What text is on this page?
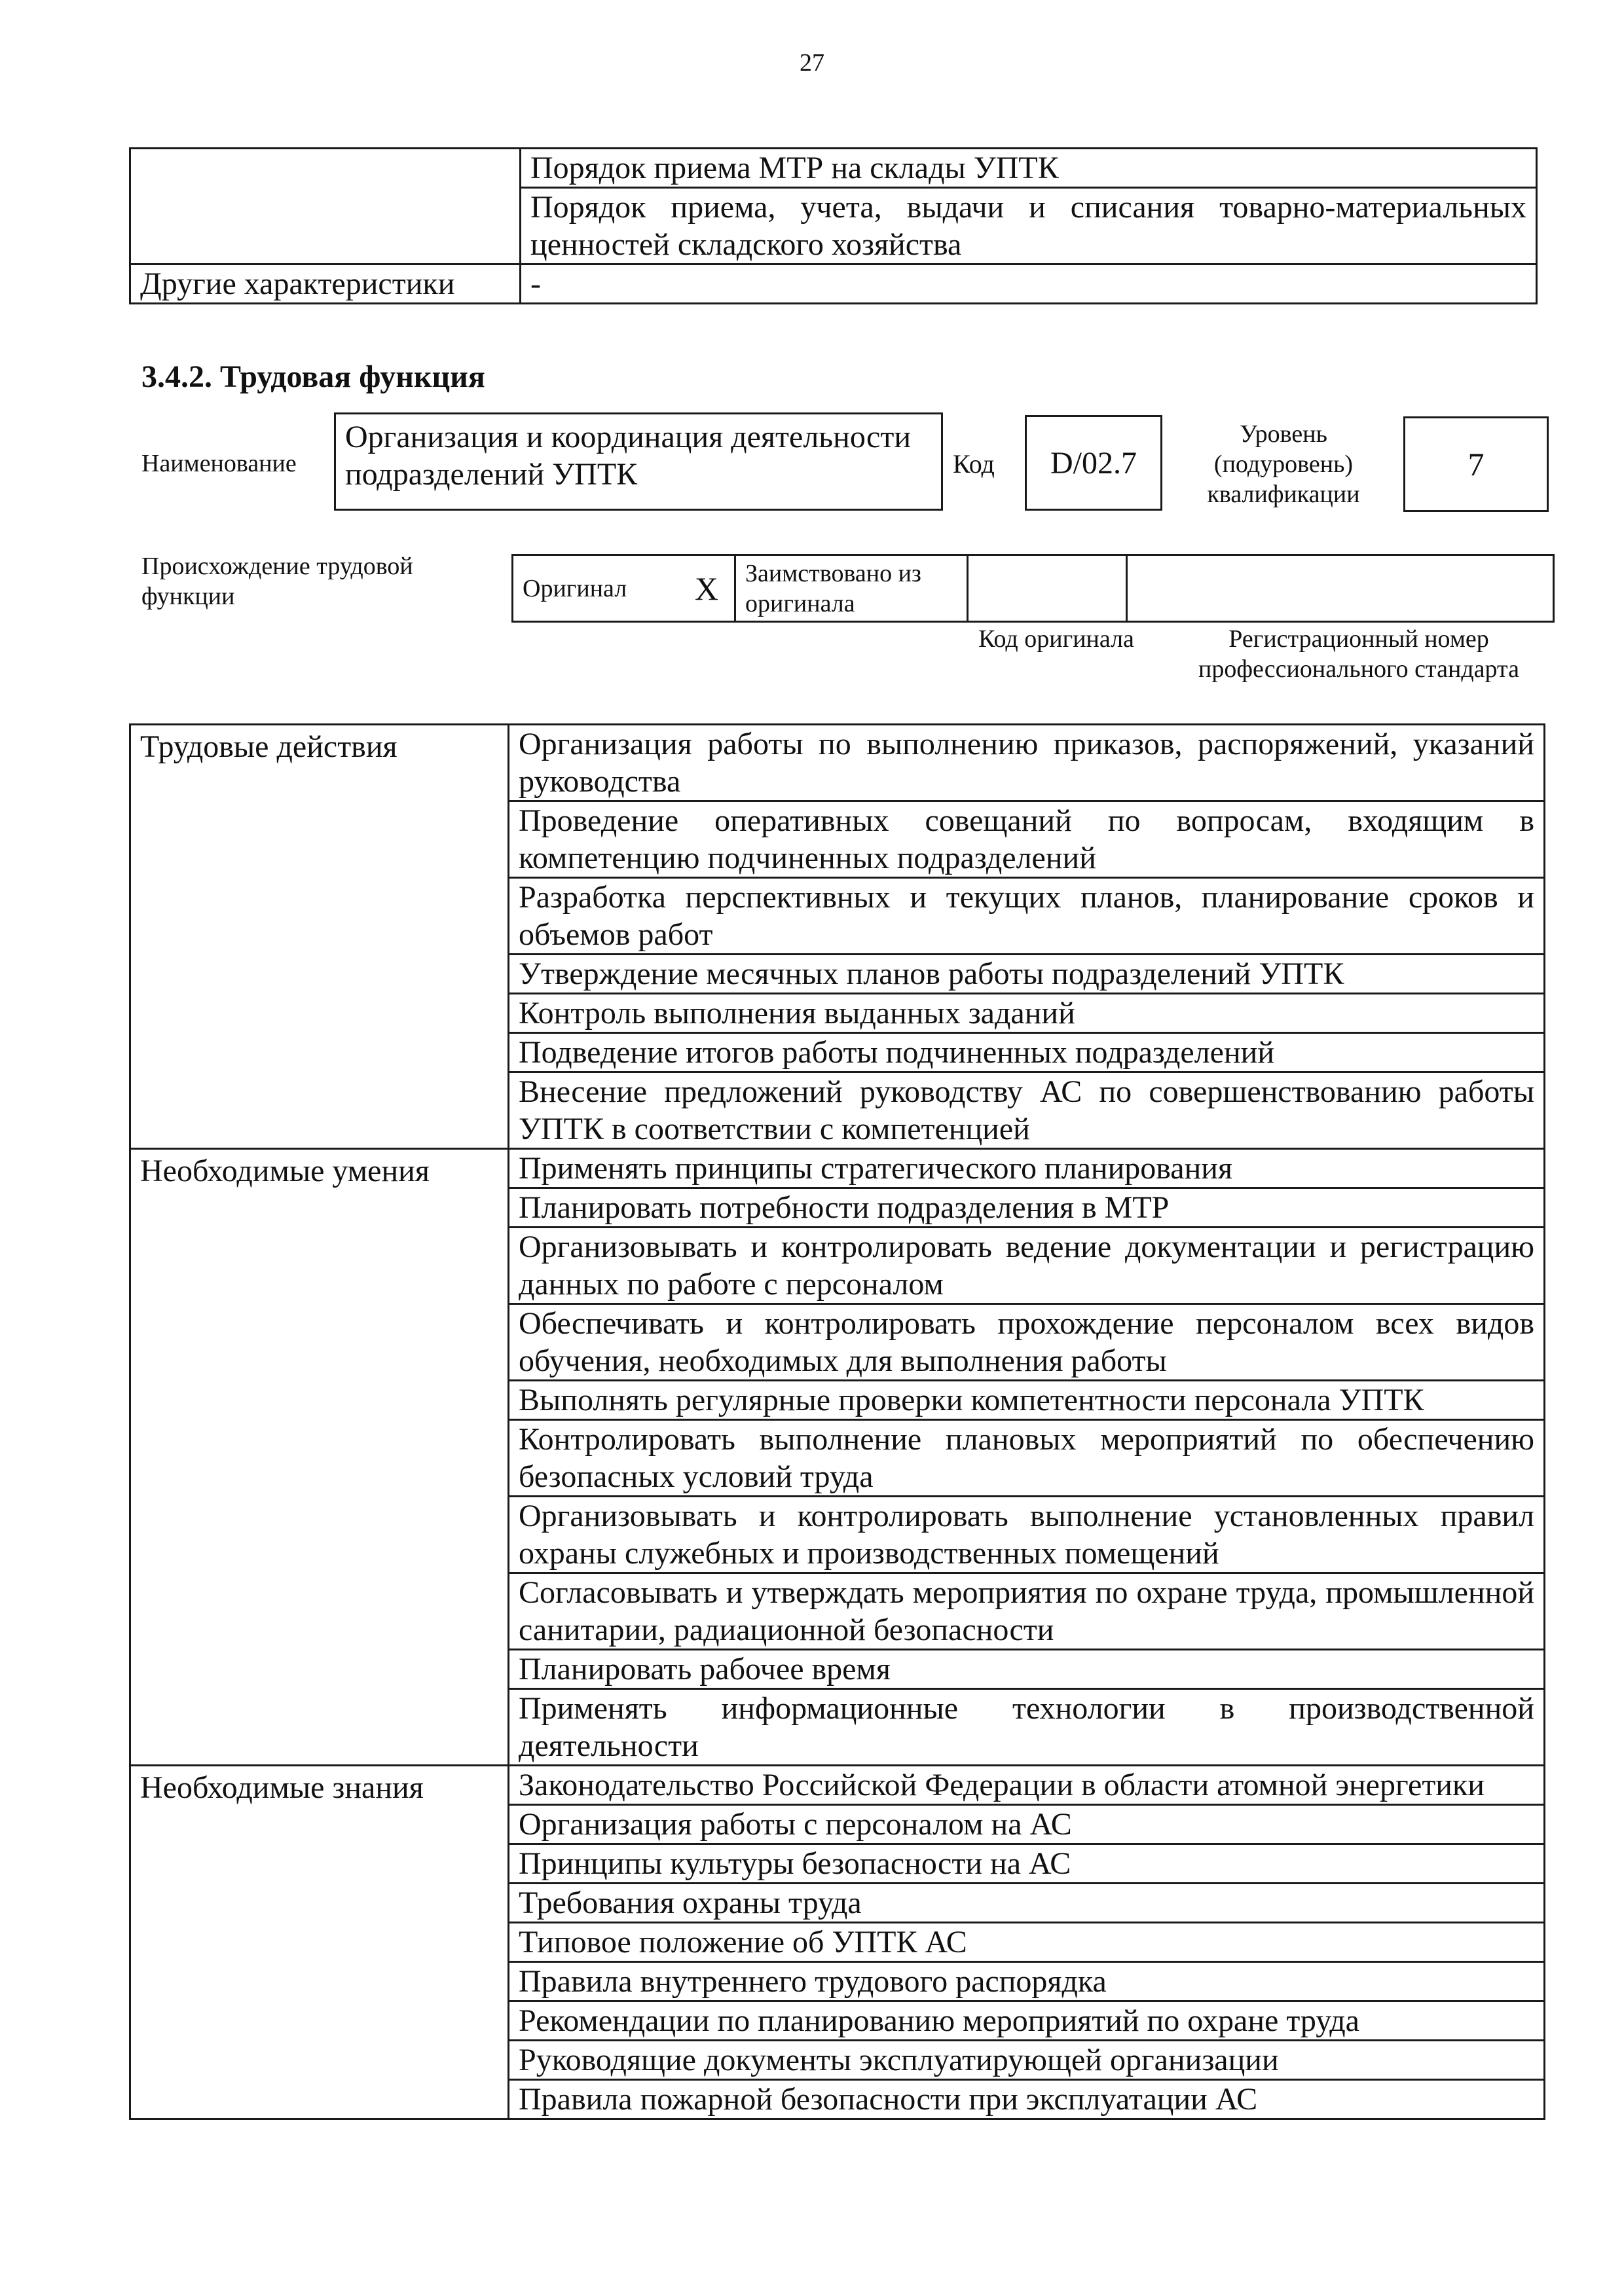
27
	Порядок приема МТР на склады УПТК
	Порядок приема, учета, выдачи и списания товарно-материальных ценностей складского хозяйства
Другие характеристики	-
3.4.2. Трудовая функция
Наименование
Организация и координация деятельности подразделений УПТК	Код D/02.7
Уровень (подуровень) квалификации
7
Происхождение трудовой функции	Оригинал X	Заимствовано из оригинала		
Код оригинала	Регистрационный номер профессионального стандарта
Трудовые действия	Организация работы по выполнению приказов, распоряжений, указаний руководства
	Проведение оперативных совещаний по вопросам, входящим в компетенцию подчиненных подразделений
	Разработка перспективных и текущих планов, планирование сроков и объемов работ
	Утверждение месячных планов работы подразделений УПТК
	Контроль выполнения выданных заданий
	Подведение итогов работы подчиненных подразделений
	Внесение предложений руководству АС по совершенствованию работы УПТК в соответствии с компетенцией
Необходимые умения	Применять принципы стратегического планирования
	Планировать потребности подразделения в МТР
	Организовывать и контролировать ведение документации и регистрацию данных по работе с персоналом
	Обеспечивать и контролировать прохождение персоналом всех видов обучения, необходимых для выполнения работы
	Выполнять регулярные проверки компетентности персонала УПТК
	Контролировать выполнение плановых мероприятий по обеспечению безопасных условий труда
	Организовывать и контролировать выполнение установленных правил охраны служебных и производственных помещений
	Согласовывать и утверждать мероприятия по охране труда, промышленной санитарии, радиационной безопасности
	Планировать рабочее время
	Применять информационные технологии в производственной деятельности
Необходимые знания	Законодательство Российской Федерации в области атомной энергетики
	Организация работы с персоналом на АС
	Принципы культуры безопасности на АС
	Требования охраны труда
	Типовое положение об УПТК АС
	Правила внутреннего трудового распорядка
	Рекомендации по планированию мероприятий по охране труда
	Руководящие документы эксплуатирующей организации
	Правила пожарной безопасности при эксплуатации АС
